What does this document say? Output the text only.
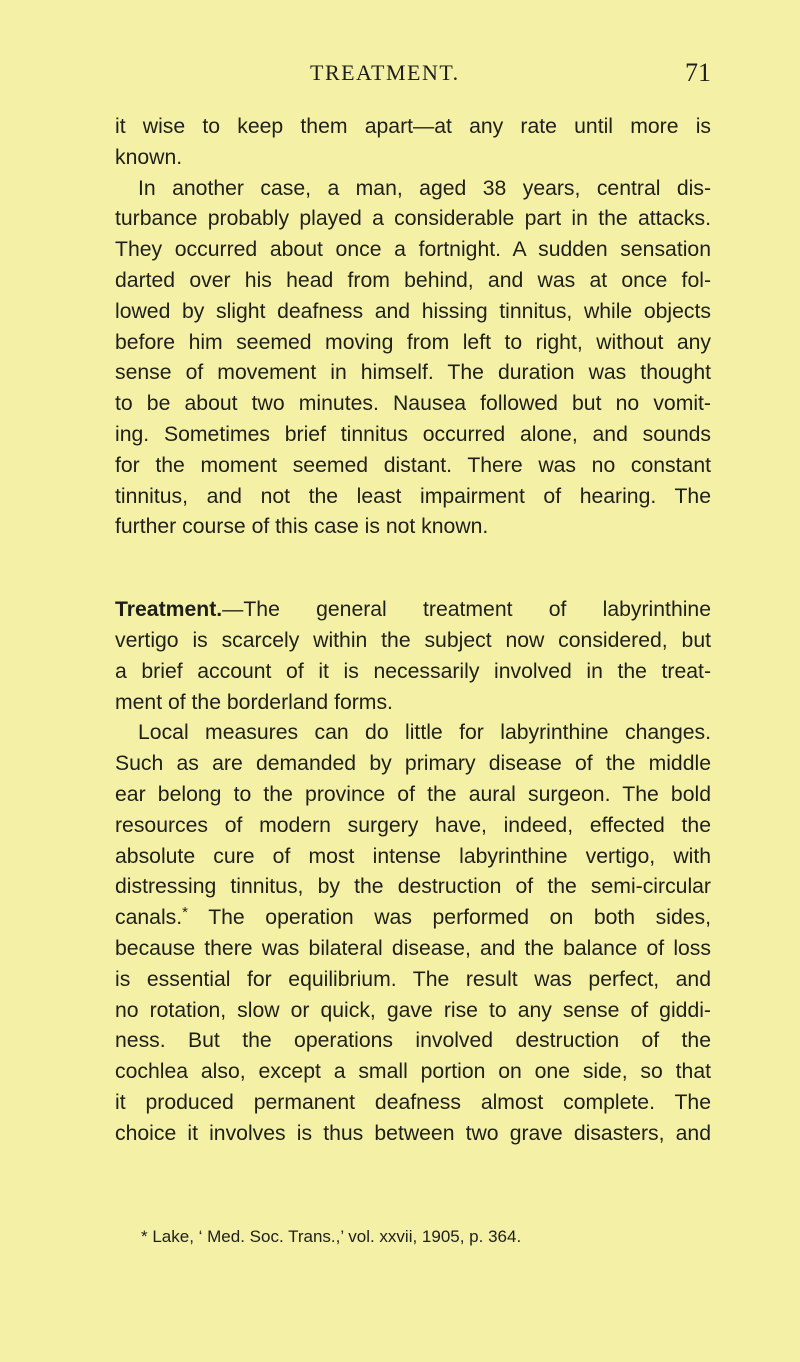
TREATMENT.	71
it wise to keep them apart—at any rate until more is
known.
In another case, a man, aged 38 years, central dis-
turbance probably played a considerable part in the attacks.
They occurred about once a fortnight. A sudden sensation
darted over his head from behind, and was at once fol-
lowed by slight deafness and hissing tinnitus, while objects
before him seemed moving from left to right, without any
sense of movement in himself. The duration was thought
to be about two minutes. Nausea followed but no vomit-
ing. Sometimes brief tinnitus occurred alone, and sounds
for the moment seemed distant. There was no constant
tinnitus, and not the least impairment of hearing. The
further course of this case is not known.
Treatment.—The general treatment of labyrinthine
vertigo is scarcely within the subject now considered, but
a brief account of it is necessarily involved in the treat-
ment of the borderland forms.
Local measures can do little for labyrinthine changes.
Such as are demanded by primary disease of the middle
ear belong to the province of the aural surgeon. The bold
resources of modern surgery have, indeed, effected the
absolute cure of most intense labyrinthine vertigo, with
distressing tinnitus, by the destruction of the semi-circular
canals.* The operation was performed on both sides,
because there was bilateral disease, and the balance of loss
is essential for equilibrium. The result was perfect, and
no rotation, slow or quick, gave rise to any sense of giddi-
ness. But the operations involved destruction of the
cochlea also, except a small portion on one side, so that
it produced permanent deafness almost complete. The
choice it involves is thus between two grave disasters, and
* Lake, ‘ Med. Soc. Trans.,’ vol. xxvii, 1905, p. 364.
